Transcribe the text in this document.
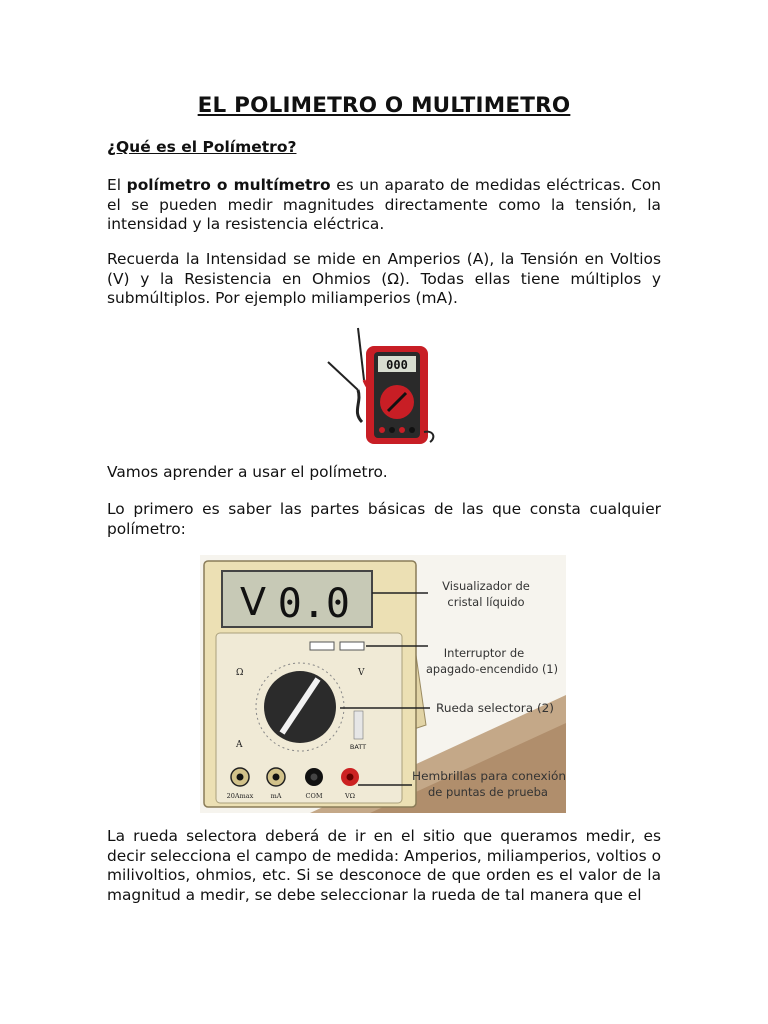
EL POLIMETRO O MULTIMETRO
¿Qué es el Polímetro?

El polímetro o multímetro es un aparato de medidas eléctricas. Con el se pueden medir magnitudes directamente como la tensión, la intensidad y la resistencia eléctrica.

Recuerda la Intensidad se mide en Amperios (A), la Tensión en Voltios (V) y la Resistencia en Ohmios (Ω). Todas ellas tiene múltiplos y submúltiplos. Por ejemplo miliamperios (mA).

000

Vamos aprender a usar el polímetro.

Lo primero es saber las partes básicas de las que consta cualquier polímetro:

V 0.0
Ω	V
A	BATT
20Amax	mA	COM	VΩ
Visualizador de
cristal líquido
Interruptor de
apagado-encendido (1)
Rueda selectora (2)
Hembrillas para conexión
de puntas de prueba

La rueda selectora deberá de ir en el sitio que queramos medir, es decir selecciona el campo de medida: Amperios, miliamperios, voltios o milivoltios, ohmios, etc. Si se desconoce de que orden es el valor de la magnitud a medir, se debe seleccionar la rueda de tal manera que el
